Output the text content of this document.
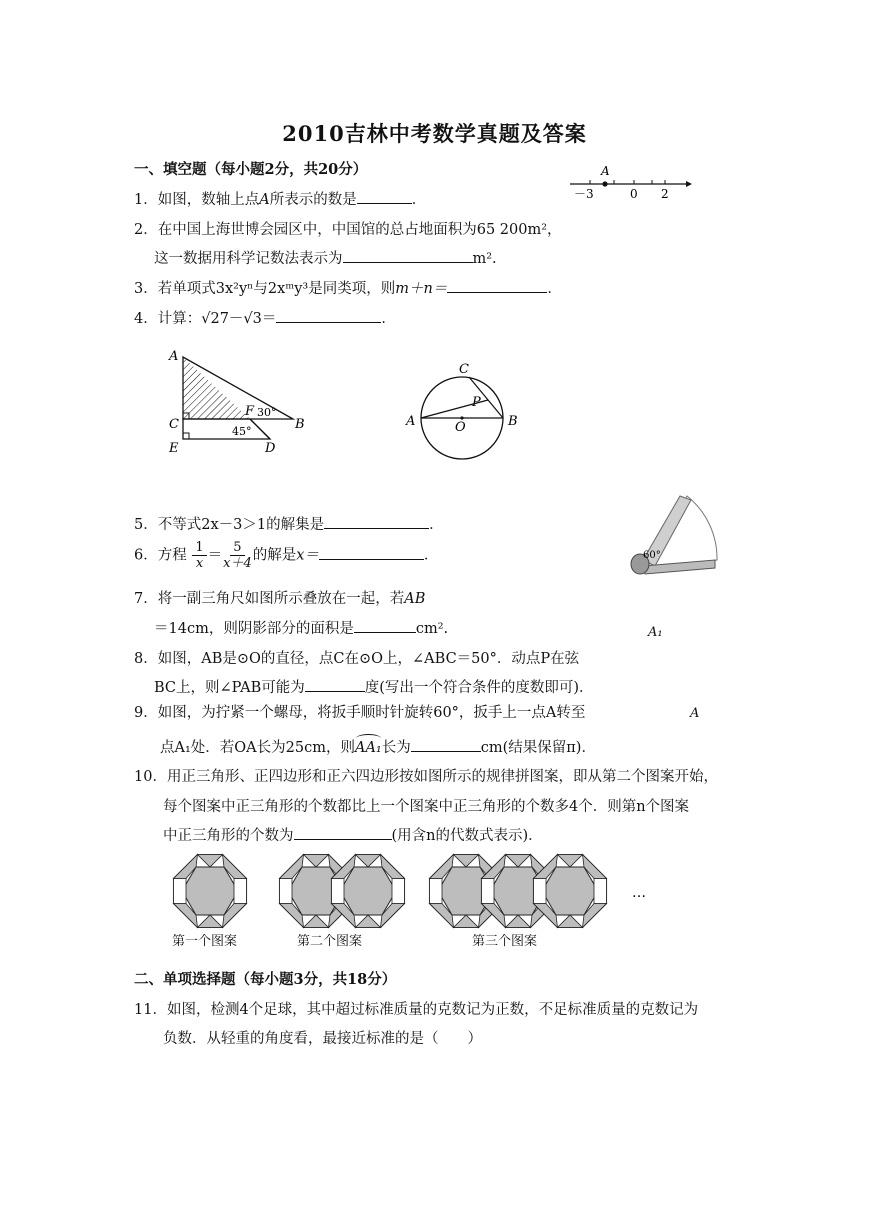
2010吉林中考数学真题及答案
一、填空题（每小题2分，共20分）
1．如图，数轴上点A所表示的数是	．
A
－3	0 2
2．在中国上海世博会园区中，中国馆的总占地面积为65 200m²，
这一数据用科学记数法表示为	m².
3．若单项式3x²yⁿ与2xᵐy³是同类项，则m＋n＝	．
4．计算：√27－√3＝	．
A
C
E
F
B
D
30°
45°
C
P
A	O	B
5．不等式2x－3＞1的解集是	．
60°
6．方程 $\frac{1}{x} = \frac{5}{x+4}$ 的解是x＝	．
7．将一副三角尺如图所示叠放在一起，若AB
＝14cm，则阴影部分的面积是	cm².	A₁
8．如图，AB是⊙O的直径，点C在⊙O上，∠ABC＝50°．动点P在弦
BC上，则∠PAB可能为	度(写出一个符合条件的度数即可)．
9．如图，为拧紧一个螺母，将扳手顺时针旋转60°，扳手上一点A转至	A
点A₁处．若OA长为25cm，则
AA₁长为	cm(结果保留π)．
10．用正三角形、正四边形和正六四边形按如图所示的规律拼图案，即从第二个图案开始，
每个图案中正三角形的个数都比上一个图案中正三角形的个数多4个．则第n个图案
中正三角形的个数为	(用含n的代数式表示)．
…
第一个图案	第二个图案	第三个图案
二、单项选择题（每小题3分，共18分）
11．如图，检测4个足球，其中超过标准质量的克数记为正数，不足标准质量的克数记为
负数．从轻重的角度看，最接近标准的是（　　）
